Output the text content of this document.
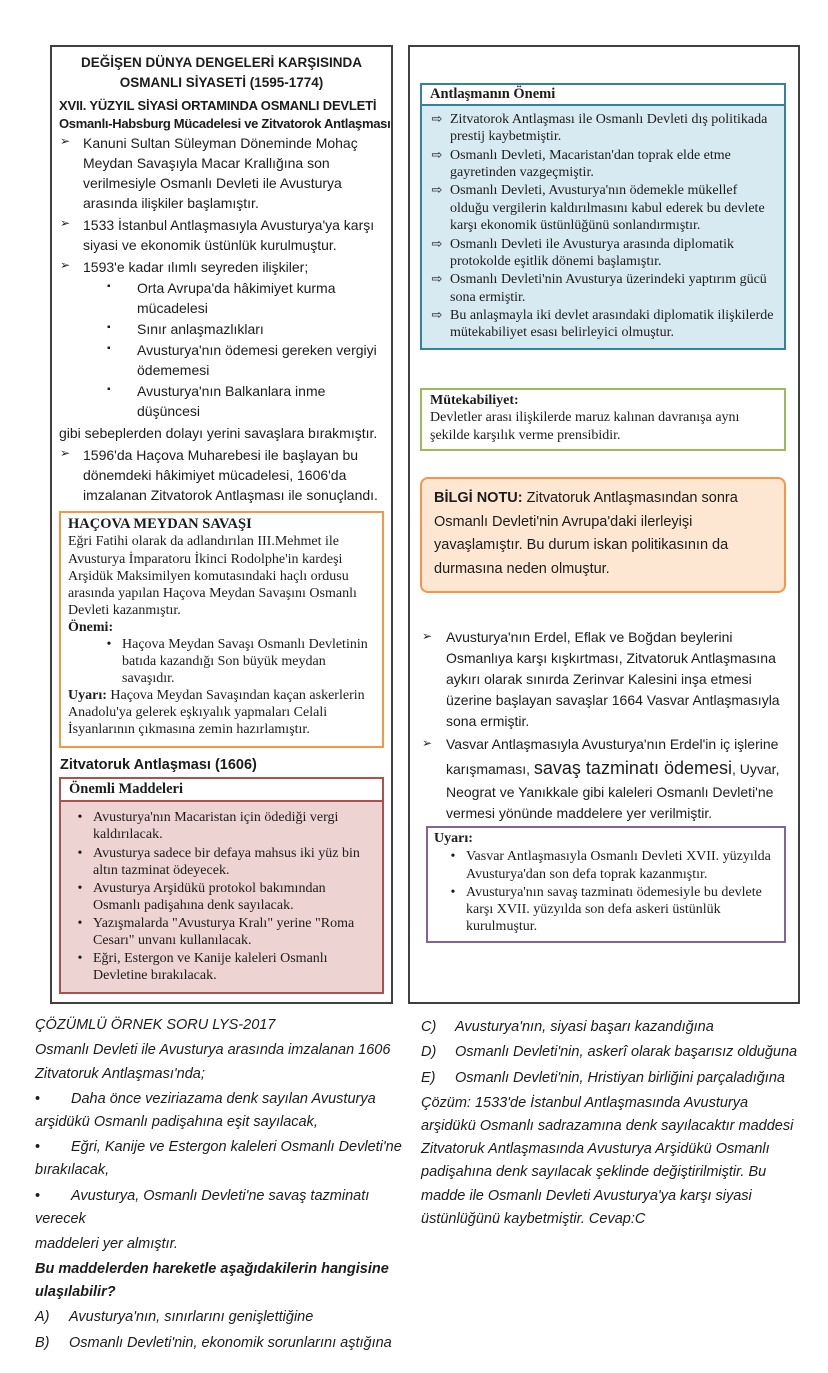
DEĞİŞEN DÜNYA DENGELERİ KARŞISINDA OSMANLI SİYASETİ (1595-1774)
XVII. YÜZYIL SİYASİ ORTAMINDA OSMANLI DEVLETİ
Osmanlı-Habsburg Mücadelesi ve Zitvatorok Antlaşması
➢ Kanuni Sultan Süleyman Döneminde Mohaç Meydan Savaşıyla Macar Krallığına son verilmesiyle Osmanlı Devleti ile Avusturya arasında ilişkiler başlamıştır.
➢ 1533 İstanbul Antlaşmasıyla Avusturya'ya karşı siyasi ve ekonomik üstünlük kurulmuştur.
➢ 1593'e kadar ılımlı seyreden ilişkiler;
▪	Orta Avrupa'da hâkimiyet kurma mücadelesi
▪	Sınır anlaşmazlıkları
▪	Avusturya'nın ödemesi gereken vergiyi ödememesi
▪	Avusturya'nın Balkanlara inme düşüncesi
gibi sebeplerden dolayı yerini savaşlara bırakmıştır.
➢ 1596'da Haçova Muharebesi ile başlayan bu dönemdeki hâkimiyet mücadelesi, 1606'da imzalanan Zitvatorok Antlaşması ile sonuçlandı.
HAÇOVA MEYDAN SAVAŞI
Eğri Fatihi olarak da adlandırılan III.Mehmet ile Avusturya İmparatoru İkinci Rodolphe'in kardeşi Arşidük Maksimilyen komutasındaki haçlı ordusu arasında yapılan Haçova Meydan Savaşını Osmanlı Devleti kazanmıştır.
Önemi:
• Haçova Meydan Savaşı Osmanlı Devletinin batıda kazandığı Son büyük meydan savaşıdır.
Uyarı: Haçova Meydan Savaşından kaçan askerlerin Anadolu'ya gelerek eşkıyalık yapmaları Celali İsyanlarının çıkmasına zemin hazırlamıştır.
Zitvatoruk Antlaşması (1606)
Önemli Maddeleri
• Avusturya'nın Macaristan için ödediği vergi kaldırılacak.
• Avusturya sadece bir defaya mahsus iki yüz bin altın tazminat ödeyecek.
• Avusturya Arşidükü protokol bakımından Osmanlı padişahına denk sayılacak.
• Yazışmalarda "Avusturya Kralı" yerine "Roma Cesarı" unvanı kullanılacak.
• Eğri, Estergon ve Kanije kaleleri Osmanlı Devletine bırakılacak.
Antlaşmanın Önemi
⇨ Zitvatorok Antlaşması ile Osmanlı Devleti dış politikada prestij kaybetmiştir.
⇨ Osmanlı Devleti, Macaristan'dan toprak elde etme gayretinden vazgeçmiştir.
⇨ Osmanlı Devleti, Avusturya'nın ödemekle mükellef olduğu vergilerin kaldırılmasını kabul ederek bu devlete karşı ekonomik üstünlüğünü sonlandırmıştır.
⇨ Osmanlı Devleti ile Avusturya arasında diplomatik protokolde eşitlik dönemi başlamıştır.
⇨ Osmanlı Devleti'nin Avusturya üzerindeki yaptırım gücü sona ermiştir.
⇨ Bu anlaşmayla iki devlet arasındaki diplomatik ilişkilerde mütekabiliyet esası belirleyici olmuştur.
Mütekabiliyet:
Devletler arası ilişkilerde maruz kalınan davranışa aynı şekilde karşılık verme prensibidir.
BİLGİ NOTU: Zitvatoruk Antlaşmasından sonra Osmanlı Devleti'nin Avrupa'daki ilerleyişi yavaşlamıştır. Bu durum iskan politikasının da durmasına neden olmuştur.
➢ Avusturya'nın Erdel, Eflak ve Boğdan beylerini Osmanlıya karşı kışkırtması, Zitvatoruk Antlaşmasına aykırı olarak sınırda Zerinvar Kalesini inşa etmesi üzerine başlayan savaşlar 1664 Vasvar Antlaşmasıyla sona ermiştir.
➢ Vasvar Antlaşmasıyla Avusturya'nın Erdel'in iç işlerine karışmaması, savaş tazminatı ödemesi, Uyvar, Neograt ve Yanıkkale gibi kaleleri Osmanlı Devleti'ne vermesi yönünde maddelere yer verilmiştir.
Uyarı:
• Vasvar Antlaşmasıyla Osmanlı Devleti XVII. yüzyılda Avusturya'dan son defa toprak kazanmıştır.
• Avusturya'nın savaş tazminatı ödemesiyle bu devlete karşı XVII. yüzyılda son defa askeri üstünlük kurulmuştur.
ÇÖZÜMLÜ ÖRNEK SORU LYS-2017
Osmanlı Devleti ile Avusturya arasında imzalanan 1606 Zitvatoruk Antlaşması'nda;
• Daha önce veziriazama denk sayılan Avusturya arşidükü Osmanlı padişahına eşit sayılacak,
• Eğri, Kanije ve Estergon kaleleri Osmanlı Devleti'ne bırakılacak,
• Avusturya, Osmanlı Devleti'ne savaş tazminatı verecek
maddeleri yer almıştır.
Bu maddelerden hareketle aşağıdakilerin hangisine ulaşılabilir?
A)	Avusturya'nın, sınırlarını genişlettiğine
B)	Osmanlı Devleti'nin, ekonomik sorunlarını aştığına
C)	Avusturya'nın, siyasi başarı kazandığına
D)	Osmanlı Devleti'nin, askerî olarak başarısız olduğuna
E)	Osmanlı Devleti'nin, Hristiyan birliğini parçaladığına
Çözüm: 1533'de İstanbul Antlaşmasında Avusturya arşidükü Osmanlı sadrazamına denk sayılacaktır maddesi Zitvatoruk Antlaşmasında Avusturya Arşidükü Osmanlı padişahına denk sayılacak şeklinde değiştirilmiştir. Bu madde ile Osmanlı Devleti Avusturya'ya karşı siyasi üstünlüğünü kaybetmiştir. Cevap:C
